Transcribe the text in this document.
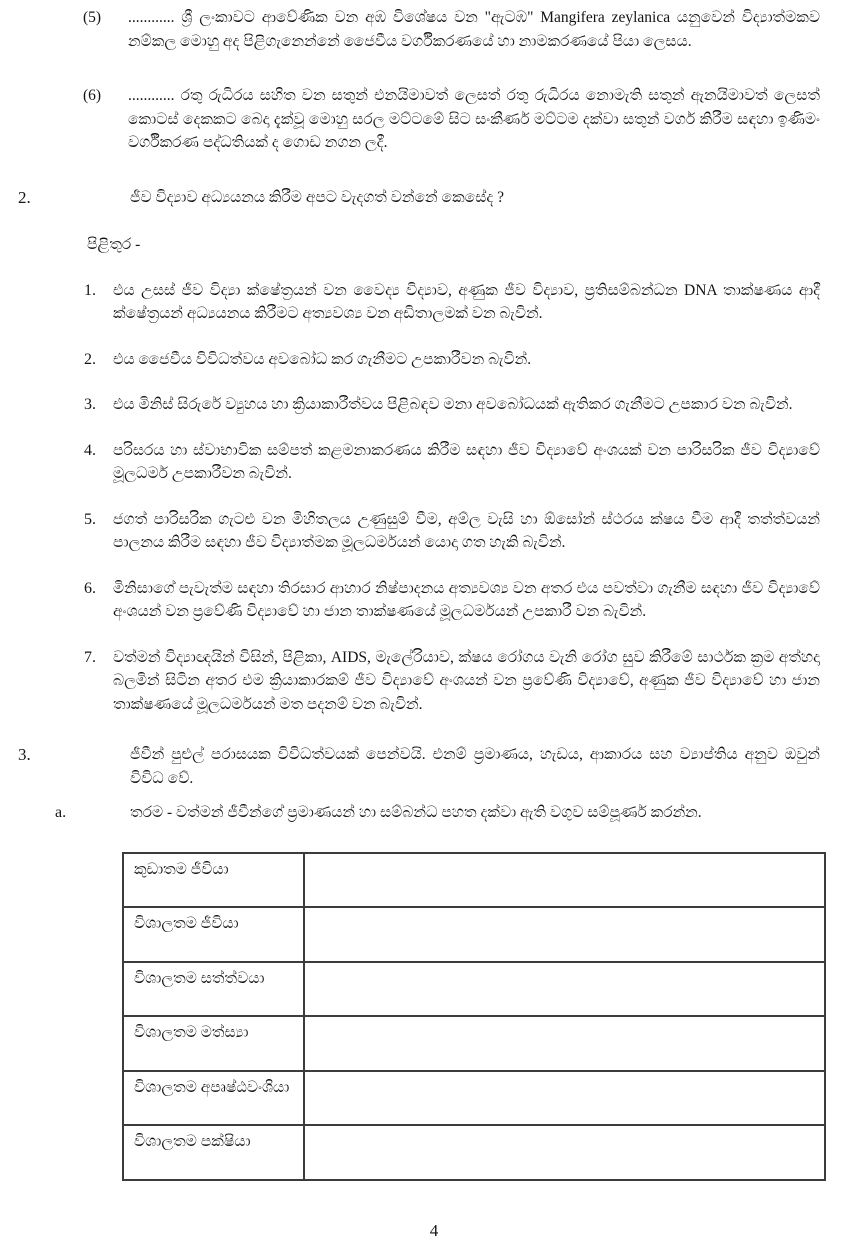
(5)	............ ශ්‍රී ලංකාවට ආවේණික වන අඹ විශේෂය වන "ඇටඹ" Mangifera zeylanica යනුවෙන් විද්‍යාත්මකව නම්කල මොහු අද පිළිගැනෙන්නේ ජෛවීය වර්ගීකරණයේ හා නාමකරණයේ පියා ලෙසය.
(6)	............ රතු රුධිරය සහිත වන සතුන් එනයිමාවත් ලෙසත් රතු රුධිරය නොමැති සතුන් ඇනයිමාවත් ලෙසත් කොටස් දෙකකට බෙදා දැක්වූ මොහු සරල මට්ටමේ සිට සංකීර්ණ මට්ටම දක්වා සතුන් වර්ග කිරීම සඳහා ඉණිමං වර්ගීකරණ පද්ධතියක් ද ගොඩ නගන ලදී.
2.	ජීව විද්‍යාව අධ්‍යයනය කිරීම අපට වැදගත් වන්නේ කෙසේද ?
පිළිතුර -
1.	එය උසස් ජීව විද්‍යා ක්ෂේත්‍රයන් වන වෛද්‍ය විද්‍යාව, අණුක ජීව විද්‍යාව, ප්‍රතිසම්බන්ධන DNA තාක්ෂණය ආදී ක්ෂේත්‍රයන් අධ්‍යයනය කිරීමට අත්‍යවශ්‍ය වන අඩිතාලමක් වන බැවින්.
2.	එය ජෛවීය විවිධත්වය අවබෝධ කර ගැනීමට උපකාරීවන බැවින්.
3.	එය මිනිස් සිරුරේ ව්‍යුහය හා ක්‍රියාකාරීත්වය පිළිබඳව මනා අවබෝධයක් ඇතිකර ගැනීමට උපකාර වන බැවින්.
4.	පරිසරය හා ස්වාභාවික සම්පත් කළමනාකරණය කිරීම සඳහා ජීව විද්‍යාවේ අංශයක් වන පාරිසරික ජීව විද්‍යාවේ මූලධර්ම උපකාරීවන බැවින්.
5.	ජගත් පාරිසරික ගැටළු වන මිහිතලය උණුසුම් වීම, අම්ල වැසි හා ඕසෝන් ස්ථරය ක්ෂය වීම ආදී තත්ත්වයන් පාලනය කිරීම සඳහා ජීව විද්‍යාත්මක මූලධර්මයන් යොදා ගත හැකි බැවින්.
6.	මිනිසාගේ පැවැත්ම සඳහා තිරසාර ආහාර නිෂ්පාදනය අත්‍යවශ්‍ය වන අතර එය පවත්වා ගැනීම සඳහා ජීව විද්‍යාවේ අංශයන් වන ප්‍රවේණි විද්‍යාවේ හා ජාන තාක්ෂණයේ මූලධර්මයන් උපකාරී වන බැවින්.
7.	වත්මන් විද්‍යාඥයින් විසින්, පිළිකා, AIDS, මැලේරියාව, ක්ෂය රෝගය වැනි රෝග සුව කිරීමේ සාර්ථක ක්‍රම අත්හදා බලමින් සිටින අතර එම ක්‍රියාකාරකම් ජීව විද්‍යාවේ අංශයන් වන ප්‍රවේණි විද්‍යාවේ, අණුක ජීව විද්‍යාවේ හා ජාන තාක්ෂණයේ මූලධර්මයන් මත පදනම් වන බැවින්.
3.	ජීවීන් පුළුල් පරාසයක විවිධත්වයක් පෙන්වයි. එනම් ප්‍රමාණය, හැඩය, ආකාරය සහ ව්‍යාප්තිය අනුව ඔවුන් විවිධ වේ.
a.	තරම - වත්මන් ජීවීන්ගේ ප්‍රමාණයන් හා සම්බන්ධ පහත දක්වා ඇති වගුව සම්පූර්ණ කරන්න.
කුඩාතම ජීවියා	
විශාලතම ජීවියා	
විශාලතම සත්ත්වයා	
විශාලතම මත්ස්‍යා	
විශාලතම අපෘෂ්ඨවංශියා	
විශාලතම පක්ෂියා	
4
